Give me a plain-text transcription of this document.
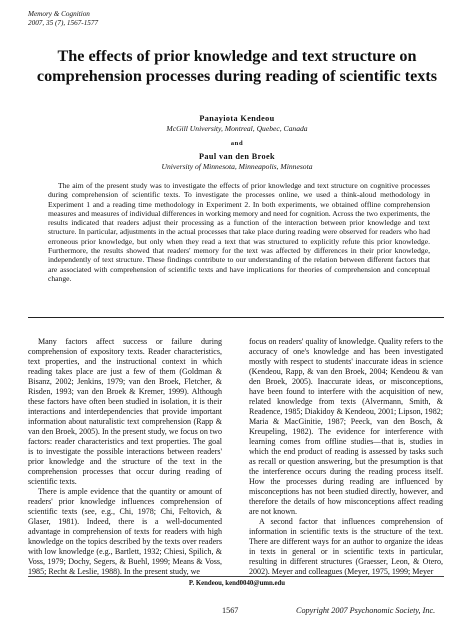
Memory & Cognition
2007, 35 (7), 1567-1577
The effects of prior knowledge and text structure on comprehension processes during reading of scientific texts
Panayiota Kendeou
McGill University, Montreal, Quebec, Canada
and
Paul van den Broek
University of Minnesota, Minneapolis, Minnesota

The aim of the present study was to investigate the effects of prior knowledge and text structure on cognitive processes during comprehension of scientific texts. To investigate the processes online, we used a think-aloud methodology in Experiment 1 and a reading time methodology in Experiment 2. In both experiments, we obtained offline comprehension measures and measures of individual differences in working memory and need for cognition. Across the two experiments, the results indicated that readers adjust their processing as a function of the interaction between prior knowledge and text structure. In particular, adjustments in the actual processes that take place during reading were observed for readers who had erroneous prior knowledge, but only when they read a text that was structured to explicitly refute this prior knowledge. Furthermore, the results showed that readers' memory for the text was affected by differences in their prior knowledge, independently of text structure. These findings contribute to our understanding of the relation between different factors that are associated with comprehension of scientific texts and have implications for theories of comprehension and conceptual change.

Many factors affect success or failure during comprehension of expository texts. Reader characteristics, text properties, and the instructional context in which reading takes place are just a few of them (Goldman & Bisanz, 2002; Jenkins, 1979; van den Broek, Fletcher, & Risden, 1993; van den Broek & Kremer, 1999). Although these factors have often been studied in isolation, it is their interactions and interdependencies that provide important information about naturalistic text comprehension (Rapp & van den Broek, 2005). In the present study, we focus on two factors: reader characteristics and text properties. The goal is to investigate the possible interactions between readers' prior knowledge and the structure of the text in the comprehension processes that occur during reading of scientific texts.

There is ample evidence that the quantity or amount of readers' prior knowledge influences comprehension of scientific texts (see, e.g., Chi, 1978; Chi, Feltovich, & Glaser, 1981). Indeed, there is a well-documented advantage in comprehension of texts for readers with high knowledge on the topics described by the texts over readers with low knowledge (e.g., Bartlett, 1932; Chiesi, Spilich, & Voss, 1979; Dochy, Segers, & Buehl, 1999; Means & Voss, 1985; Recht & Leslie, 1988). In the present study, we

focus on readers' quality of knowledge. Quality refers to the accuracy of one's knowledge and has been investigated mostly with respect to students' inaccurate ideas in science (Kendeou, Rapp, & van den Broek, 2004; Kendeou & van den Broek, 2005). Inaccurate ideas, or misconceptions, have been found to interfere with the acquisition of new, related knowledge from texts (Alvermann, Smith, & Readence, 1985; Diakidoy & Kendeou, 2001; Lipson, 1982; Maria & MacGinitie, 1987; Peeck, van den Bosch, & Kreupeling, 1982). The evidence for interference with learning comes from offline studies—that is, studies in which the end product of reading is assessed by tasks such as recall or question answering, but the presumption is that the interference occurs during the reading process itself. How the processes during reading are influenced by misconceptions has not been studied directly, however, and therefore the details of how misconceptions affect reading are not known.

A second factor that influences comprehension of information in scientific texts is the structure of the text. There are different ways for an author to organize the ideas in texts in general or in scientific texts in particular, resulting in different structures (Graesser, Leon, & Otero, 2002). Meyer and colleagues (Meyer, 1975, 1999; Meyer

P. Kendeou, kend0040@umn.edu
1567	Copyright 2007 Psychonomic Society, Inc.
